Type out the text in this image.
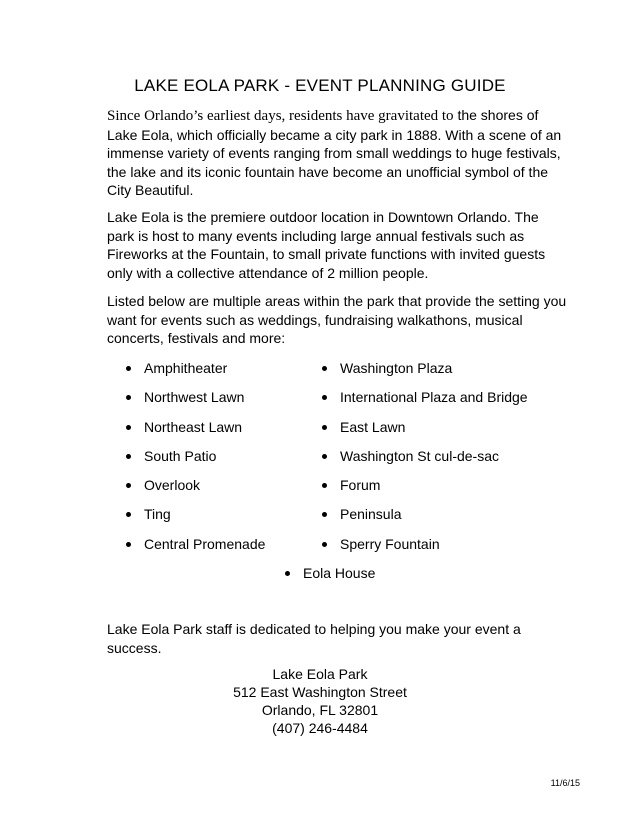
LAKE EOLA PARK - EVENT PLANNING GUIDE

Since Orlando’s earliest days, residents have gravitated to the shores of Lake Eola, which officially became a city park in 1888. With a scene of an immense variety of events ranging from small weddings to huge festivals, the lake and its iconic fountain have become an unofficial symbol of the City Beautiful.

Lake Eola is the premiere outdoor location in Downtown Orlando. The park is host to many events including large annual festivals such as Fireworks at the Fountain, to small private functions with invited guests only with a collective attendance of 2 million people.

Listed below are multiple areas within the park that provide the setting you want for events such as weddings, fundraising walkathons, musical concerts, festivals and more:

Amphitheater
Northwest Lawn
Northeast Lawn
South Patio
Overlook
Ting
Central Promenade
Washington Plaza
International Plaza and Bridge
East Lawn
Washington St cul-de-sac
Forum
Peninsula
Sperry Fountain
Eola House

Lake Eola Park staff is dedicated to helping you make your event a success.

Lake Eola Park
512 East Washington Street
Orlando, FL 32801
(407) 246-4484
11/6/15
